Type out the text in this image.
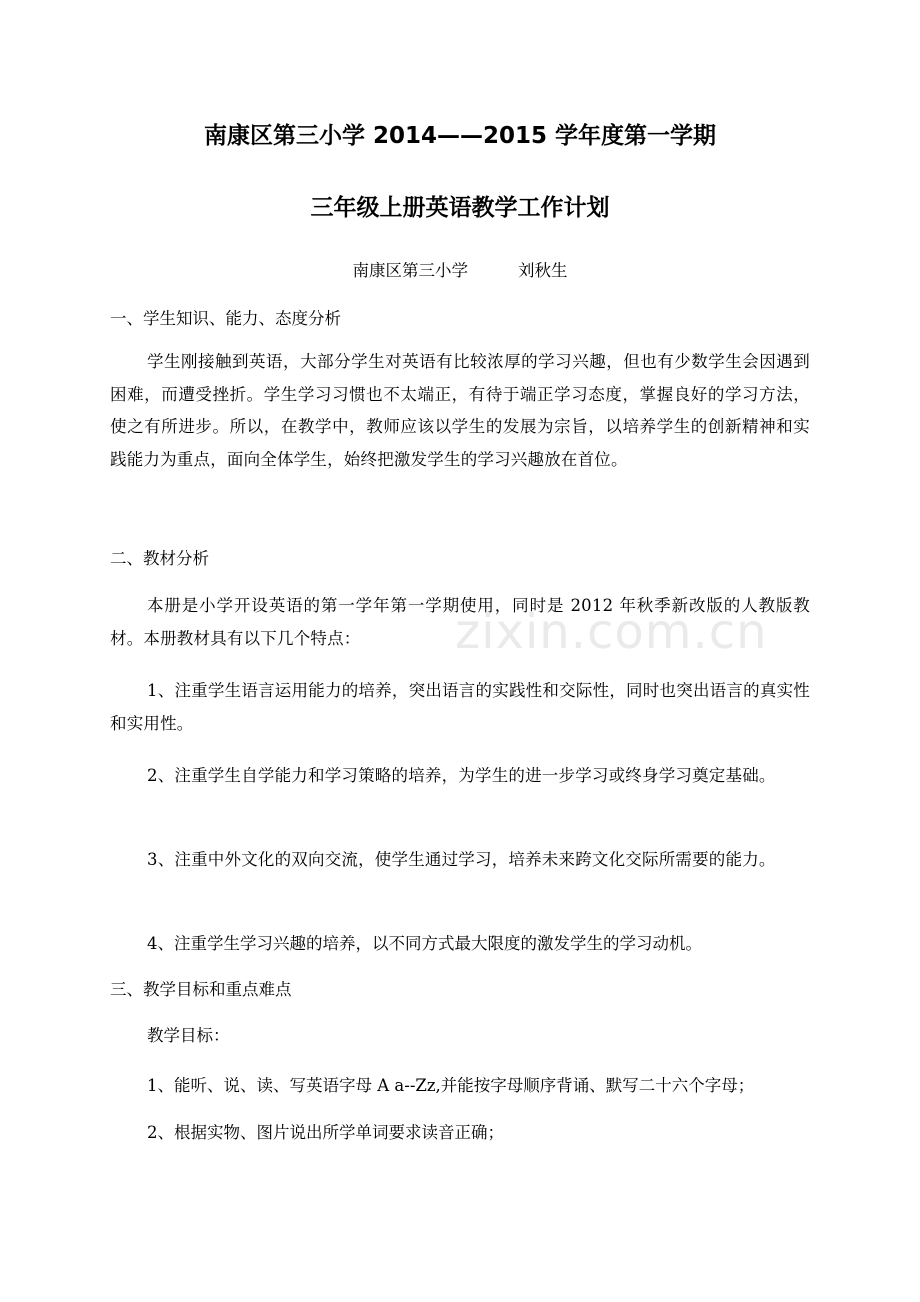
南康区第三小学 2014——2015 学年度第一学期
三年级上册英语教学工作计划
南康区第三小学	刘秋生
一、学生知识、能力、态度分析
学生刚接触到英语，大部分学生对英语有比较浓厚的学习兴趣，但也有少数学生会因遇到困难，而遭受挫折。学生学习习惯也不太端正，有待于端正学习态度，掌握良好的学习方法，使之有所进步。所以，在教学中，教师应该以学生的发展为宗旨，以培养学生的创新精神和实践能力为重点，面向全体学生，始终把激发学生的学习兴趣放在首位。
二、教材分析
本册是小学开设英语的第一学年第一学期使用，同时是 2012 年秋季新改版的人教版教材。本册教材具有以下几个特点：
1、注重学生语言运用能力的培养，突出语言的实践性和交际性，同时也突出语言的真实性和实用性。
2、注重学生自学能力和学习策略的培养，为学生的进一步学习或终身学习奠定基础。
3、注重中外文化的双向交流，使学生通过学习，培养未来跨文化交际所需要的能力。
4、注重学生学习兴趣的培养，以不同方式最大限度的激发学生的学习动机。
三、教学目标和重点难点
教学目标：
1、能听、说、读、写英语字母 A a--Zz,并能按字母顺序背诵、默写二十六个字母；
2、根据实物、图片说出所学单词要求读音正确；
zixin.com.cn
